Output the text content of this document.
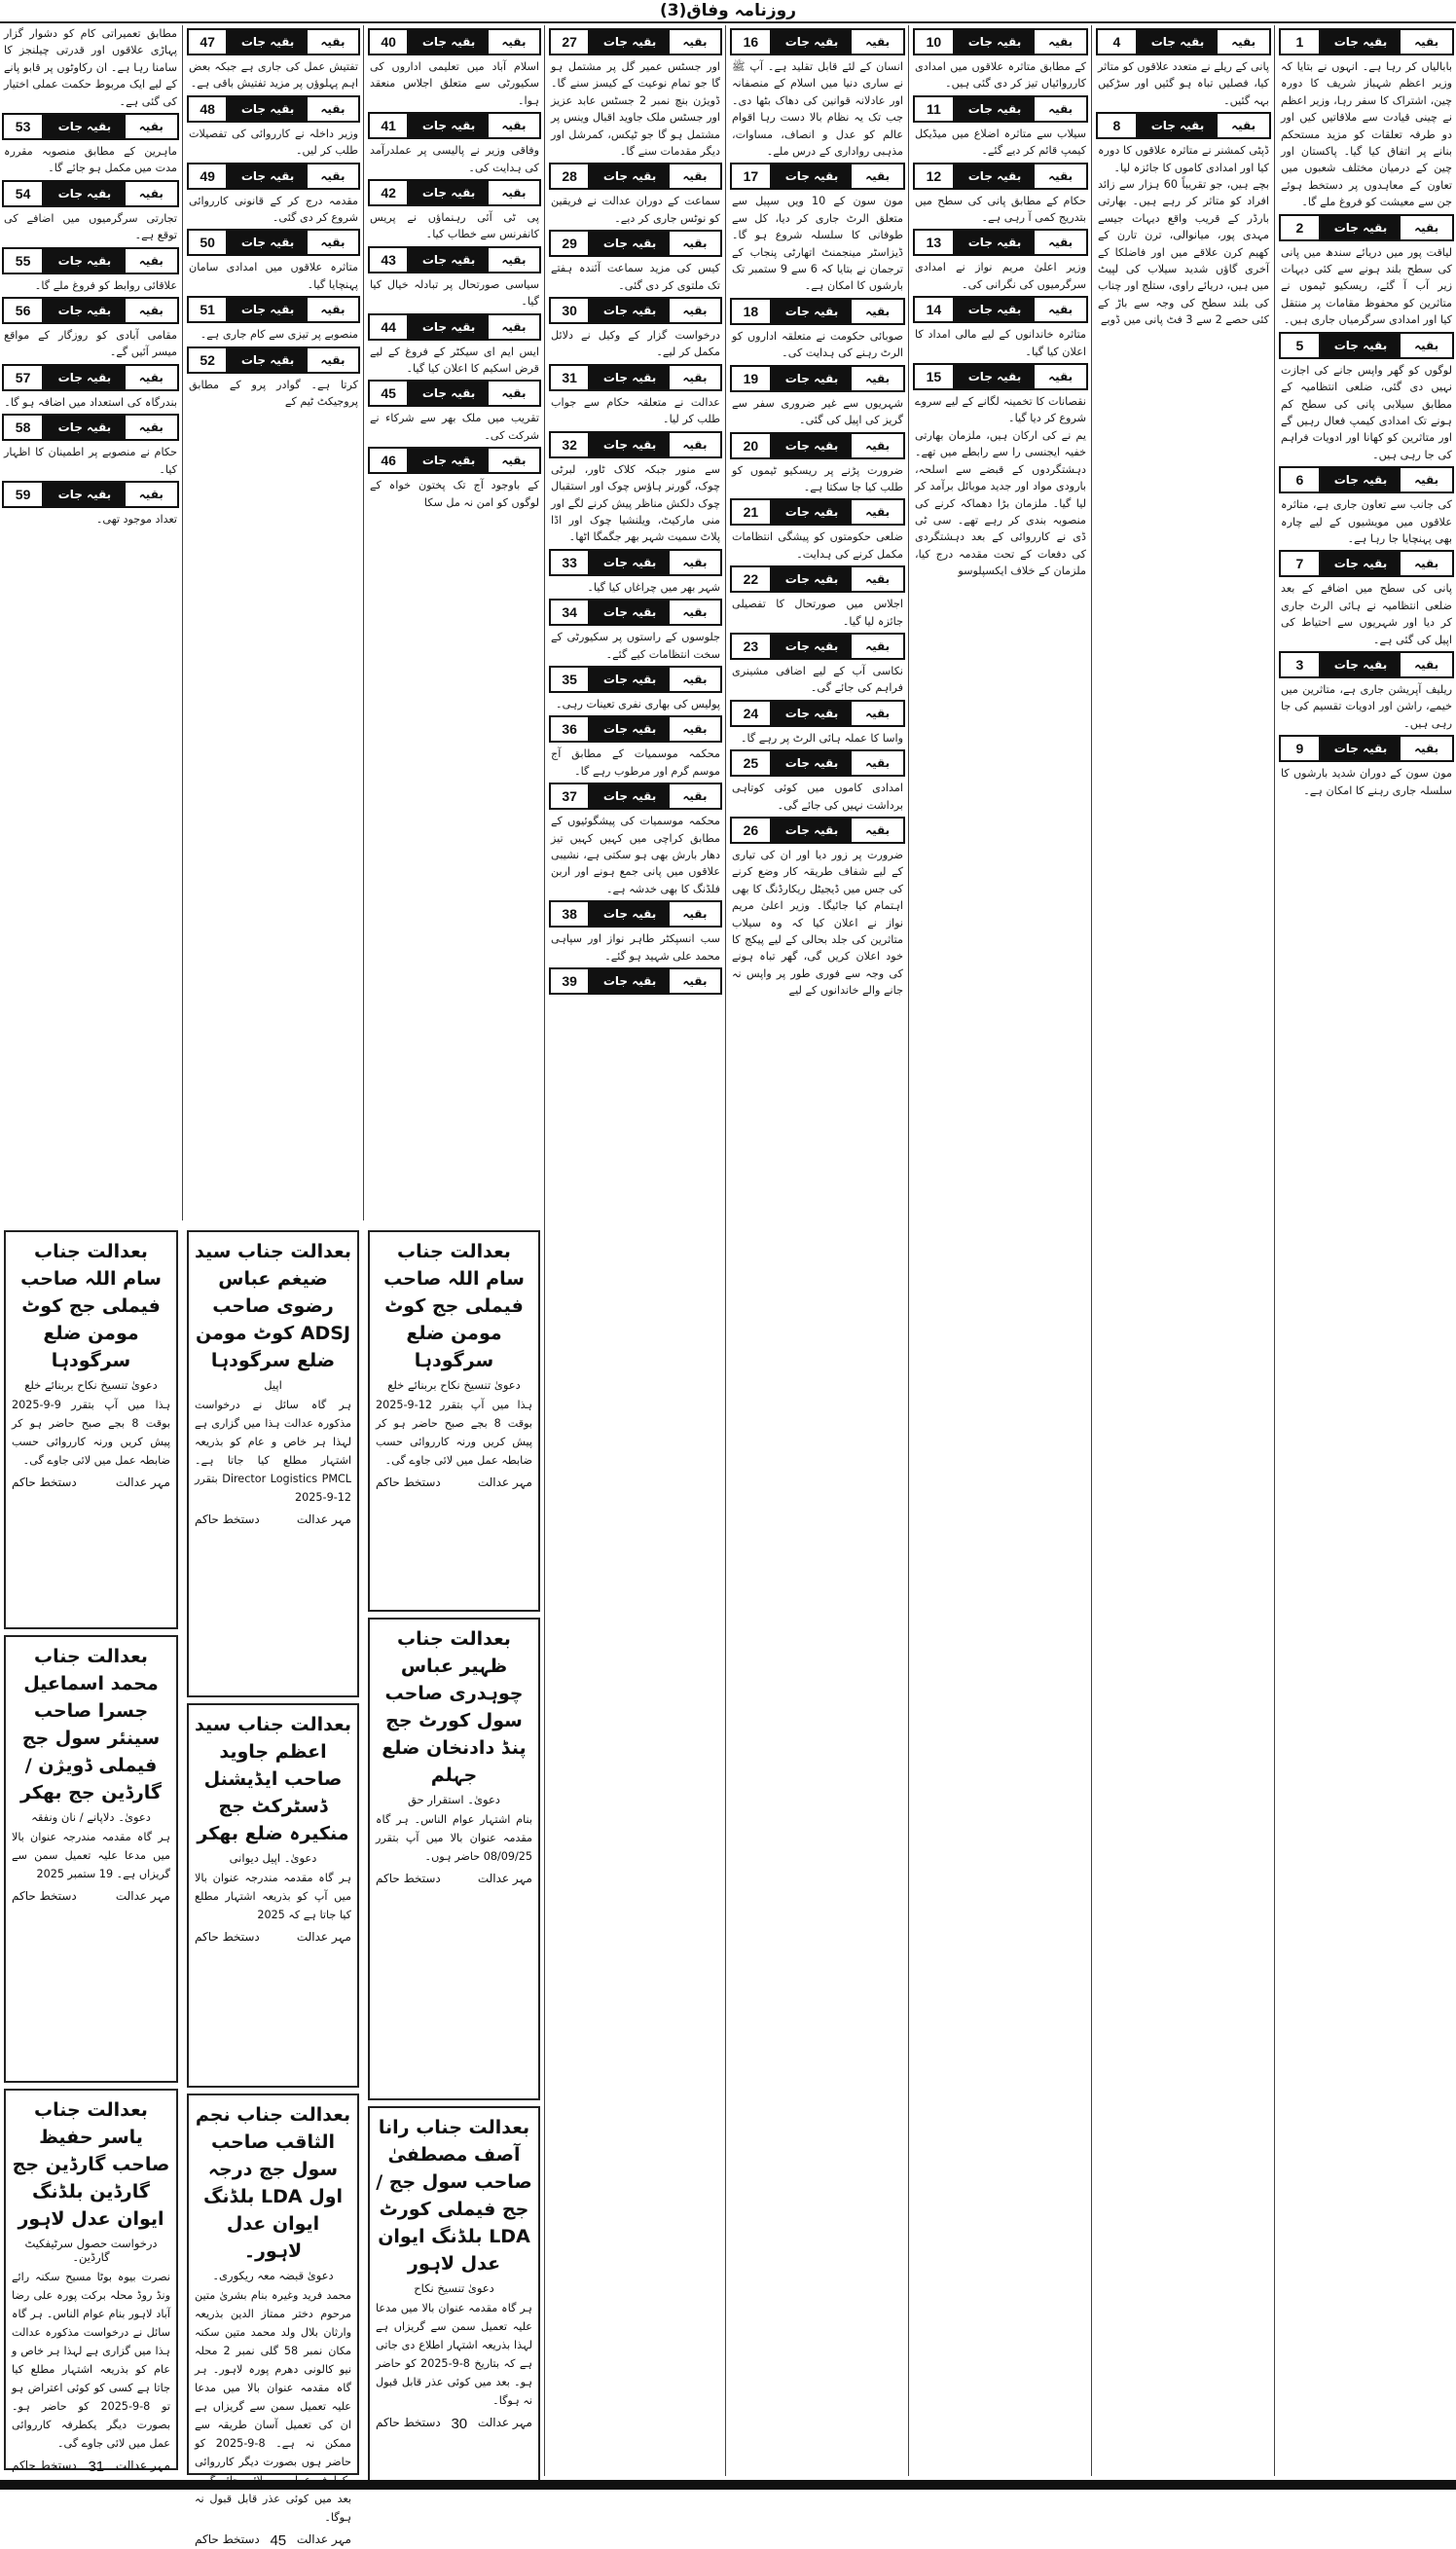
روزنامہ وفاق(3)
بقیہ
بقیہ جات
1

بابالیاں کر رہا ہے۔ انہوں نے بتایا کہ وزیر اعظم شہباز شریف کا دورہ چین، اشتراک کا سفر رہا، وزیر اعظم نے چینی قیادت سے ملاقاتیں کیں اور دو طرفہ تعلقات کو مزید مستحکم بنانے پر اتفاق کیا گیا۔ پاکستان اور چین کے درمیان مختلف شعبوں میں تعاون کے معاہدوں پر دستخط ہوئے جن سے معیشت کو فروغ ملے گا۔

بقیہ
بقیہ جات
2

لیاقت پور میں دریائے سندھ میں پانی کی سطح بلند ہونے سے کئی دیہات زیر آب آ گئے، ریسکیو ٹیموں نے متاثرین کو محفوظ مقامات پر منتقل کیا اور امدادی سرگرمیاں جاری ہیں۔

بقیہ
بقیہ جات
5

لوگوں کو گھر واپس جانے کی اجازت نہیں دی گئی، ضلعی انتظامیہ کے مطابق سیلابی پانی کی سطح کم ہونے تک امدادی کیمپ فعال رہیں گے اور متاثرین کو کھانا اور ادویات فراہم کی جا رہی ہیں۔

بقیہ
بقیہ جات
6

کی جانب سے تعاون جاری ہے، متاثرہ علاقوں میں مویشیوں کے لیے چارہ بھی پہنچایا جا رہا ہے۔

بقیہ
بقیہ جات
7

پانی کی سطح میں اضافے کے بعد ضلعی انتظامیہ نے ہائی الرٹ جاری کر دیا اور شہریوں سے احتیاط کی اپیل کی گئی ہے۔

بقیہ
بقیہ جات
3

ریلیف آپریشن جاری ہے، متاثرین میں خیمے، راشن اور ادویات تقسیم کی جا رہی ہیں۔

بقیہ
بقیہ جات
9

مون سون کے دوران شدید بارشوں کا سلسلہ جاری رہنے کا امکان ہے۔

بقیہ
بقیہ جات
4

پانی کے ریلے نے متعدد علاقوں کو متاثر کیا، فصلیں تباہ ہو گئیں اور سڑکیں بہہ گئیں۔

بقیہ
بقیہ جات
8

ڈپٹی کمشنر نے متاثرہ علاقوں کا دورہ کیا اور امدادی کاموں کا جائزہ لیا۔

بچے ہیں، جو تقریباً 60 ہزار سے زائد افراد کو متاثر کر رہے ہیں۔ بھارتی بارڈر کے قریب واقع دیہات جیسے مہدی پور، میانوالی، ترن تارن کے کھیم کرن علاقے میں اور فاضلکا کے آخری گاؤں شدید سیلاب کی لپیٹ میں ہیں، دریائے راوی، ستلج اور چناب کی بلند سطح کی وجہ سے باڑ کے کئی حصے 2 سے 3 فٹ پانی میں ڈوبے

بقیہ
بقیہ جات
10

کے مطابق متاثرہ علاقوں میں امدادی کارروائیاں تیز کر دی گئی ہیں۔

بقیہ
بقیہ جات
11

سیلاب سے متاثرہ اضلاع میں میڈیکل کیمپ قائم کر دیے گئے۔

بقیہ
بقیہ جات
12

حکام کے مطابق پانی کی سطح میں بتدریج کمی آ رہی ہے۔

بقیہ
بقیہ جات
13

وزیر اعلیٰ مریم نواز نے امدادی سرگرمیوں کی نگرانی کی۔

بقیہ
بقیہ جات
14

متاثرہ خاندانوں کے لیے مالی امداد کا اعلان کیا گیا۔

بقیہ
بقیہ جات
15

نقصانات کا تخمینہ لگانے کے لیے سروے شروع کر دیا گیا۔

یم نے کی ارکان ہیں، ملزمان بھارتی خفیہ ایجنسی را سے رابطے میں تھے۔ دہشتگردوں کے قبضے سے اسلحہ، بارودی مواد اور جدید موبائل برآمد کر لیا گیا۔ ملزمان بڑا دھماکہ کرنے کی منصوبہ بندی کر رہے تھے۔ سی ٹی ڈی نے کارروائی کے بعد دہشتگردی کی دفعات کے تحت مقدمہ درج کیا، ملزمان کے خلاف ایکسپلوسو

بقیہ
بقیہ جات
16

انسان کے لئے قابل تقلید ہے۔ آپ ﷺ نے ساری دنیا میں اسلام کے منصفانہ اور عادلانہ قوانین کی دھاک بٹھا دی۔ جب تک یہ نظام بالا دست رہا اقوام عالم کو عدل و انصاف، مساوات، مذہبی رواداری کے درس ملے۔

بقیہ
بقیہ جات
17

مون سون کے 10 ویں سپیل سے متعلق الرٹ جاری کر دیا، کل سے طوفانی کا سلسلہ شروع ہو گا۔ ڈیزاسٹر مینجمنٹ اتھارٹی پنجاب کے ترجمان نے بتایا کہ 6 سے 9 ستمبر تک بارشوں کا امکان ہے۔

بقیہ
بقیہ جات
18

صوبائی حکومت نے متعلقہ اداروں کو الرٹ رہنے کی ہدایت کی۔

بقیہ
بقیہ جات
19

شہریوں سے غیر ضروری سفر سے گریز کی اپیل کی گئی۔

بقیہ
بقیہ جات
20

ضرورت پڑنے پر ریسکیو ٹیموں کو طلب کیا جا سکتا ہے۔

بقیہ
بقیہ جات
21

ضلعی حکومتوں کو پیشگی انتظامات مکمل کرنے کی ہدایت۔

بقیہ
بقیہ جات
22

اجلاس میں صورتحال کا تفصیلی جائزہ لیا گیا۔

بقیہ
بقیہ جات
23

نکاسی آب کے لیے اضافی مشینری فراہم کی جائے گی۔

بقیہ
بقیہ جات
24

واسا کا عملہ ہائی الرٹ پر رہے گا۔

بقیہ
بقیہ جات
25

امدادی کاموں میں کوئی کوتاہی برداشت نہیں کی جائے گی۔

بقیہ
بقیہ جات
26

ضرورت پر زور دیا اور ان کی تیاری کے لیے شفاف طریقہ کار وضع کرنے کی جس میں ڈیجیٹل ریکارڈنگ کا بھی اہتمام کیا جائیگا۔ وزیر اعلیٰ مریم نواز نے اعلان کیا کہ وہ سیلاب متاثرین کی جلد بحالی کے لیے پیکج کا خود اعلان کریں گی، گھر تباہ ہونے کی وجہ سے فوری طور پر واپس نہ جانے والے خاندانوں کے لیے

بقیہ
بقیہ جات
27

اور جسٹس عمیر گل پر مشتمل ہو گا جو تمام نوعیت کے کیسز سنے گا۔ ڈویژن بنچ نمبر 2 جسٹس عابد عزیز اور جسٹس ملک جاوید اقبال وینس پر مشتمل ہو گا جو ٹیکس، کمرشل اور دیگر مقدمات سنے گا۔

بقیہ
بقیہ جات
28

سماعت کے دوران عدالت نے فریقین کو نوٹس جاری کر دیے۔

بقیہ
بقیہ جات
29

کیس کی مزید سماعت آئندہ ہفتے تک ملتوی کر دی گئی۔

بقیہ
بقیہ جات
30

درخواست گزار کے وکیل نے دلائل مکمل کر لیے۔

بقیہ
بقیہ جات
31

عدالت نے متعلقہ حکام سے جواب طلب کر لیا۔

بقیہ
بقیہ جات
32

سے منور جبکہ کلاک ٹاور، لبرٹی چوک، گورنر ہاؤس چوک اور استقبال چوک دلکش مناظر پیش کرنے لگے اور منی مارکیٹ، ویلنشیا چوک اور اڈا پلاٹ سمیت شہر بھر جگمگا اٹھا۔

بقیہ
بقیہ جات
33

شہر بھر میں چراغاں کیا گیا۔

بقیہ
بقیہ جات
34

جلوسوں کے راستوں پر سکیورٹی کے سخت انتظامات کیے گئے۔

بقیہ
بقیہ جات
35

پولیس کی بھاری نفری تعینات رہی۔

بقیہ
بقیہ جات
36

محکمہ موسمیات کے مطابق آج موسم گرم اور مرطوب رہے گا۔

بقیہ
بقیہ جات
37

محکمہ موسمیات کی پیشگوئیوں کے مطابق کراچی میں کہیں کہیں تیز دھار بارش بھی ہو سکتی ہے، نشیبی علاقوں میں پانی جمع ہونے اور اربن فلڈنگ کا بھی خدشہ ہے۔

بقیہ
بقیہ جات
38

سب انسپکٹر طاہر نواز اور سپاہی محمد علی شہید ہو گئے۔

بقیہ
بقیہ جات
39
بقیہ
بقیہ جات
40

اسلام آباد میں تعلیمی اداروں کی سکیورٹی سے متعلق اجلاس منعقد ہوا۔

بقیہ
بقیہ جات
41

وفاقی وزیر نے پالیسی پر عملدرآمد کی ہدایت کی۔

بقیہ
بقیہ جات
42

پی ٹی آئی رہنماؤں نے پریس کانفرنس سے خطاب کیا۔

بقیہ
بقیہ جات
43

سیاسی صورتحال پر تبادلہ خیال کیا گیا۔

بقیہ
بقیہ جات
44

ایس ایم ای سیکٹر کے فروغ کے لیے قرض اسکیم کا اعلان کیا گیا۔

بقیہ
بقیہ جات
45

تقریب میں ملک بھر سے شرکاء نے شرکت کی۔

بقیہ
بقیہ جات
46

کے باوجود آج تک پختون خواہ کے لوگوں کو امن نہ مل سکا

بقیہ
بقیہ جات
47

تفتیش عمل کی جاری ہے جبکہ بعض اہم پہلوؤں پر مزید تفتیش باقی ہے۔

بقیہ
بقیہ جات
48

وزیر داخلہ نے کارروائی کی تفصیلات طلب کر لیں۔

بقیہ
بقیہ جات
49

مقدمہ درج کر کے قانونی کارروائی شروع کر دی گئی۔

بقیہ
بقیہ جات
50

متاثرہ علاقوں میں امدادی سامان پہنچایا گیا۔

بقیہ
بقیہ جات
51

منصوبے پر تیزی سے کام جاری ہے۔

بقیہ
بقیہ جات
52

کرتا ہے۔ گوادر پرو کے مطابق پروجیکٹ ٹیم کے

مطابق تعمیراتی کام کو دشوار گزار پہاڑی علاقوں اور قدرتی چیلنجز کا سامنا رہا ہے۔ ان رکاوٹوں پر قابو پانے کے لیے ایک مربوط حکمت عملی اختیار کی گئی ہے۔

بقیہ
بقیہ جات
53

ماہرین کے مطابق منصوبہ مقررہ مدت میں مکمل ہو جائے گا۔

بقیہ
بقیہ جات
54

تجارتی سرگرمیوں میں اضافے کی توقع ہے۔

بقیہ
بقیہ جات
55

علاقائی روابط کو فروغ ملے گا۔

بقیہ
بقیہ جات
56

مقامی آبادی کو روزگار کے مواقع میسر آئیں گے۔

بقیہ
بقیہ جات
57

بندرگاہ کی استعداد میں اضافہ ہو گا۔

بقیہ
بقیہ جات
58

حکام نے منصوبے پر اطمینان کا اظہار کیا۔

بقیہ
بقیہ جات
59

تعداد موجود تھی۔

بعدالت جناب سام اللہ صاحب فیملی جج کوٹ مومن ضلع سرگودہا
دعویٰ تنسیخ نکاح بربنائے خلع
ہذا میں آپ بتقرر 9-9-2025 بوقت 8 بجے صبح حاضر ہو کر پیش کریں ورنہ کارروائی حسب ضابطہ عمل میں لائی جاوے گی۔
مہر عدالت
دستخط حاکم
بعدالت جناب محمد اسماعیل جسرا صاحب سینئر سول جج فیملی ڈویژن / گارڈین جج بھکر
دعویٰ۔ دلاپانے / نان ونفقہ
ہر گاہ مقدمہ مندرجہ عنوان بالا میں مدعا علیہ تعمیل سمن سے گریزاں ہے۔ 19 ستمبر 2025
مہر عدالت
دستخط حاکم
بعدالت جناب یاسر حفیظ صاحب گارڈین جج گارڈین بلڈنگ ایوان عدل لاہور
درخواست حصول سرٹیفکیٹ گارڈین۔
نصرت بیوہ بوٹا مسیح سکنہ رائے ونڈ روڈ محلہ برکت پورہ علی رضا آباد لاہور بنام عوام الناس۔ ہر گاہ سائل نے درخواست مذکورہ عدالت ہذا میں گزاری ہے لہذا ہر خاص و عام کو بذریعہ اشتہار مطلع کیا جاتا ہے کسی کو کوئی اعتراض ہو تو 8-9-2025 کو حاضر ہو۔ بصورت دیگر یکطرفہ کارروائی عمل میں لائی جاوے گی۔
مہر عدالت
31
دستخط حاکم
بعدالت جناب سید ضیغم عباس رضوی صاحب ADSJ کوٹ مومن ضلع سرگودہا
اپیل
ہر گاہ سائل نے درخواست مذکورہ عدالت ہذا میں گزاری ہے لہذا ہر خاص و عام کو بذریعہ اشتہار مطلع کیا جاتا ہے۔ Director Logistics PMCL بتقرر 12-9-2025
مہر عدالت
دستخط حاکم
بعدالت جناب سید اعظم جاوید صاحب ایڈیشنل ڈسٹرکٹ جج منکیرہ ضلع بھکر
دعویٰ۔ اپیل دیوانی
ہر گاہ مقدمہ مندرجہ عنوان بالا میں آپ کو بذریعہ اشتہار مطلع کیا جاتا ہے کہ 2025
مہر عدالت
دستخط حاکم
بعدالت جناب نجم الثاقب صاحب سول جج درجہ اول LDA بلڈنگ ایوان عدل لاہور۔
دعویٰ قبضہ معہ ریکوری۔
محمد فرید وغیرہ بنام بشریٰ متین مرحوم دختر ممتاز الدین بذریعہ وارثان بلال ولد محمد متین سکنہ مکان نمبر 58 گلی نمبر 2 محلہ نیو کالونی دھرم پورہ لاہور۔ ہر گاہ مقدمہ عنوان بالا میں مدعا علیہ تعمیل سمن سے گریزاں ہے ان کی تعمیل آسان طریقہ سے ممکن نہ ہے۔ 8-9-2025 کو حاضر ہوں بصورت دیگر کارروائی بعد میں کوئی عذر قابل قبول نہ ہوگا۔
مہر عدالت
45
دستخط حاکم
بعدالت جناب سام اللہ صاحب فیملی جج کوٹ مومن ضلع سرگودہا
دعویٰ تنسیخ نکاح بربنائے خلع
ہذا میں آپ بتقرر 12-9-2025 بوقت 8 بجے صبح حاضر ہو کر پیش کریں ورنہ کارروائی حسب ضابطہ عمل میں لائی جاوے گی۔
مہر عدالت
دستخط حاکم
بعدالت جناب ظہیر عباس چوہدری صاحب سول کورٹ جج پنڈ دادنخان ضلع جہلم
دعویٰ۔ استقرار حق
بنام اشتہار عوام الناس۔ ہر گاہ مقدمہ عنوان بالا میں آپ بتقرر 08/09/25 حاضر ہوں۔
مہر عدالت
دستخط حاکم
بعدالت جناب رانا آصف مصطفیٰ صاحب سول جج / جج فیملی کورٹ LDA بلڈنگ ایوان عدل لاہور
دعویٰ تنسیخ نکاح
ہر گاہ مقدمہ عنوان بالا میں مدعا علیہ تعمیل سمن سے گریزاں ہے لہذا بذریعہ اشتہار اطلاع دی جاتی ہے کہ بتاریخ 8-9-2025 کو حاضر ہو۔ بعد میں کوئی عذر قابل قبول نہ ہوگا۔
مہر عدالت
30
دستخط حاکم
